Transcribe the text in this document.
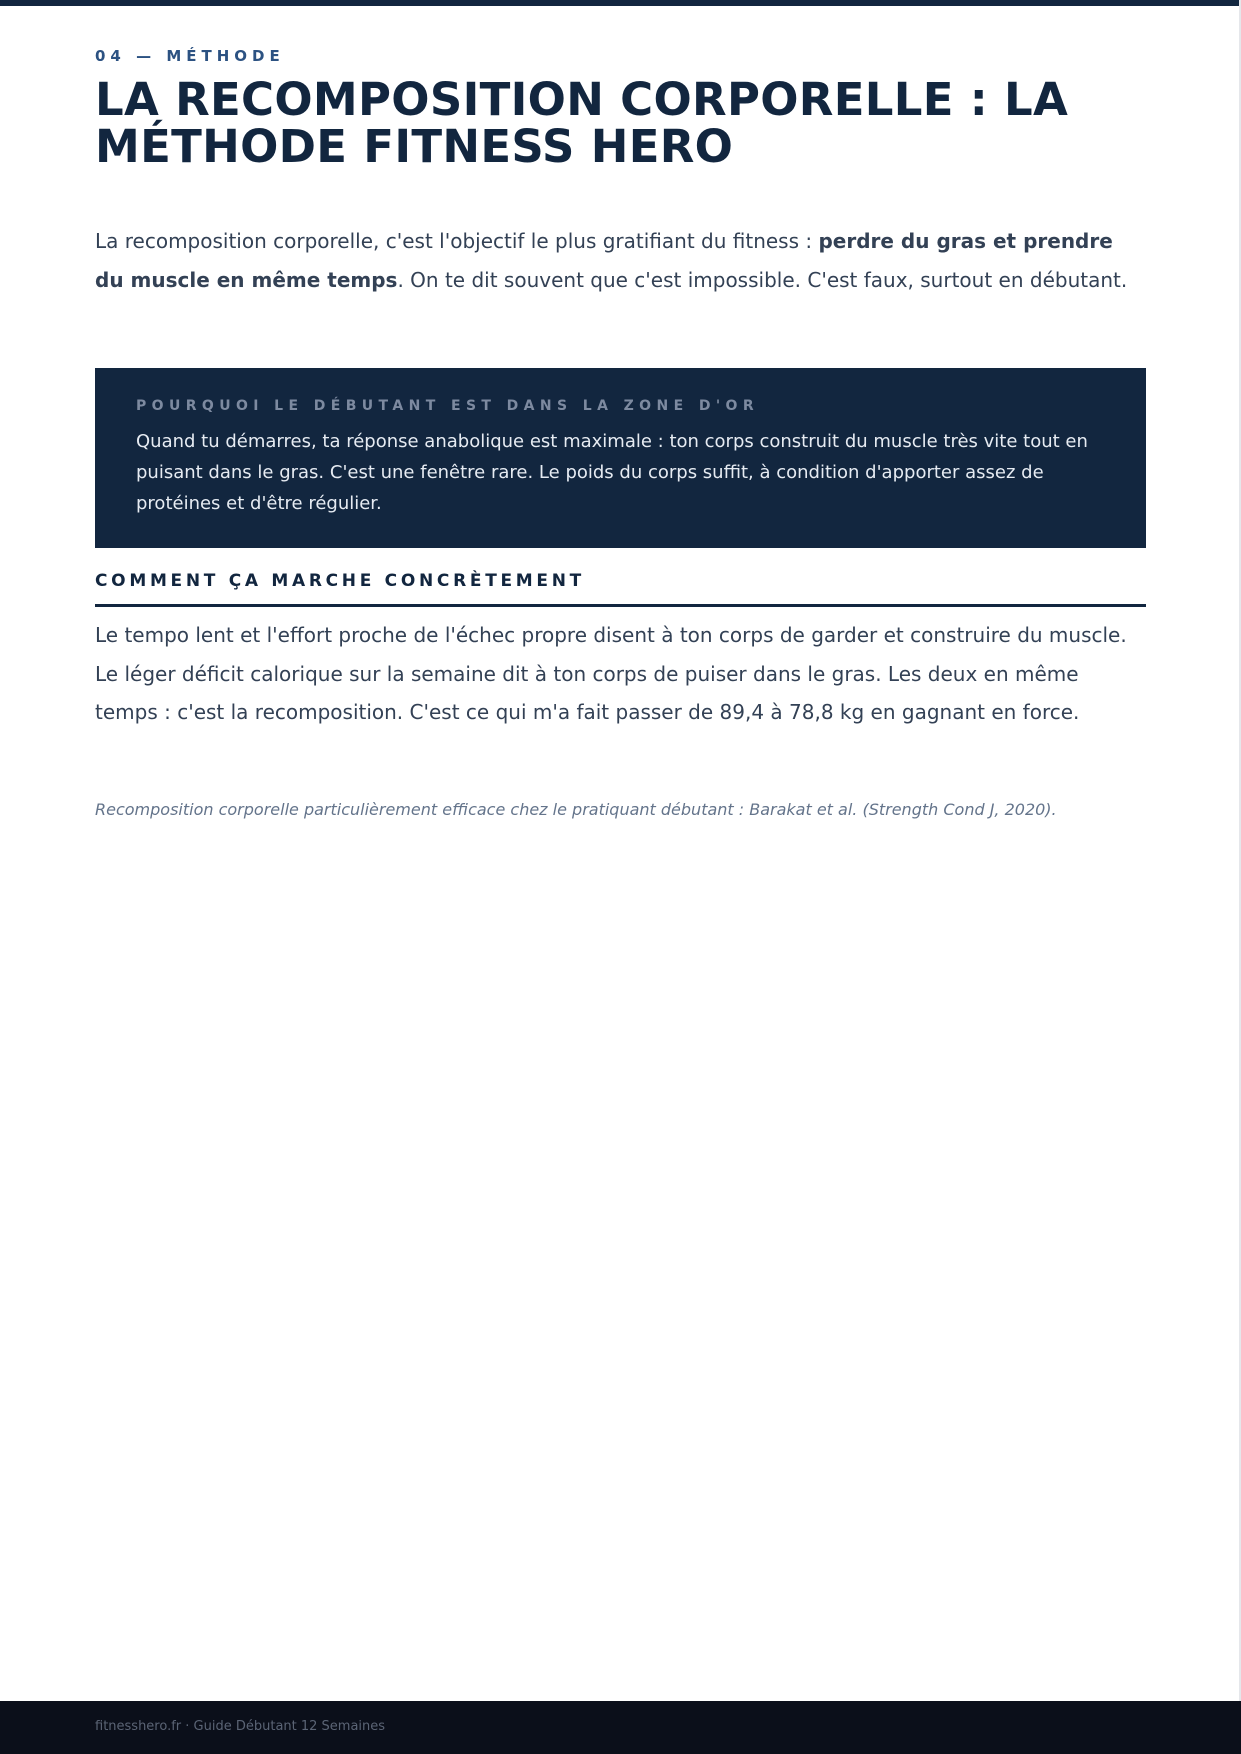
04 — MÉTHODE
LA RECOMPOSITION CORPORELLE : LA MÉTHODE FITNESS HERO

La recomposition corporelle, c'est l'objectif le plus gratifiant du fitness : perdre du gras et prendre du muscle en même temps. On te dit souvent que c'est impossible. C'est faux, surtout en débutant.

POURQUOI LE DÉBUTANT EST DANS LA ZONE D'OR

Quand tu démarres, ta réponse anabolique est maximale : ton corps construit du muscle très vite tout en puisant dans le gras. C'est une fenêtre rare. Le poids du corps suffit, à condition d'apporter assez de protéines et d'être régulier.

COMMENT ÇA MARCHE CONCRÈTEMENT

Le tempo lent et l'effort proche de l'échec propre disent à ton corps de garder et construire du muscle. Le léger déficit calorique sur la semaine dit à ton corps de puiser dans le gras. Les deux en même temps : c'est la recomposition. C'est ce qui m'a fait passer de 89,4 à 78,8 kg en gagnant en force.

Recomposition corporelle particulièrement efficace chez le pratiquant débutant : Barakat et al. (Strength Cond J, 2020).

fitnesshero.fr · Guide Débutant 12 Semaines
